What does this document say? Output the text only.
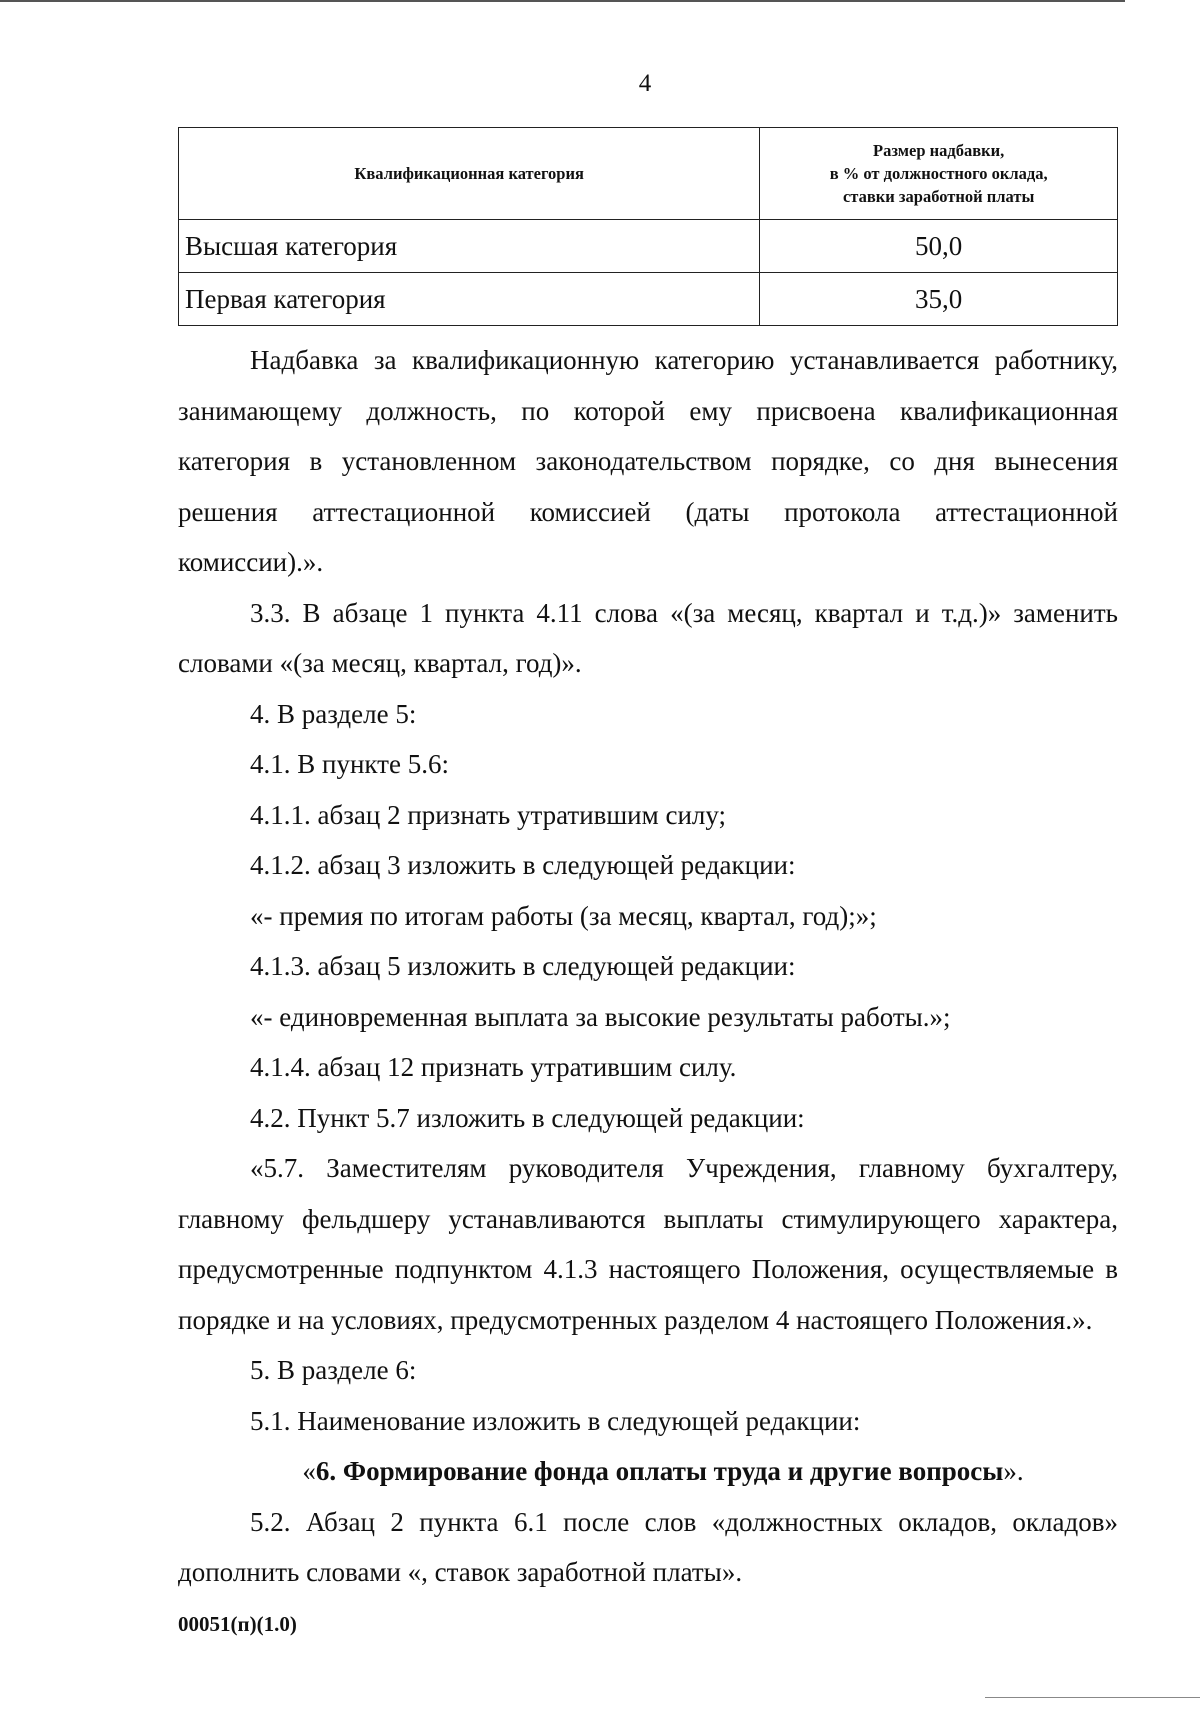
4
Квалификационная категория	Размер надбавки,
в % от должностного оклада,
ставки заработной платы

Высшая категория	50,0
Первая категория	35,0

Надбавка за квалификационную категорию устанавливается работнику, занимающему должность, по которой ему присвоена квалификационная категория в установленном законодательством порядке, со дня вынесения решения аттестационной комиссией (даты протокола аттестационной комиссии).».

3.3. В абзаце 1 пункта 4.11 слова «(за месяц, квартал и т.д.)» заменить словами «(за месяц, квартал, год)».

4. В разделе 5:

4.1. В пункте 5.6:

4.1.1. абзац 2 признать утратившим силу;

4.1.2. абзац 3 изложить в следующей редакции:

«- премия по итогам работы (за месяц, квартал, год);»;

4.1.3. абзац 5 изложить в следующей редакции:

«- единовременная выплата за высокие результаты работы.»;

4.1.4. абзац 12 признать утратившим силу.

4.2. Пункт 5.7 изложить в следующей редакции:

«5.7. Заместителям руководителя Учреждения, главному бухгалтеру, главному фельдшеру устанавливаются выплаты стимулирующего характера, предусмотренные подпунктом 4.1.3 настоящего Положения, осуществляемые в порядке и на условиях, предусмотренных разделом 4 настоящего Положения.».

5. В разделе 6:

5.1. Наименование изложить в следующей редакции:

«6. Формирование фонда оплаты труда и другие вопросы».

5.2. Абзац 2 пункта 6.1 после слов «должностных окладов, окладов» дополнить словами «, ставок заработной платы».

00051(п)(1.0)
